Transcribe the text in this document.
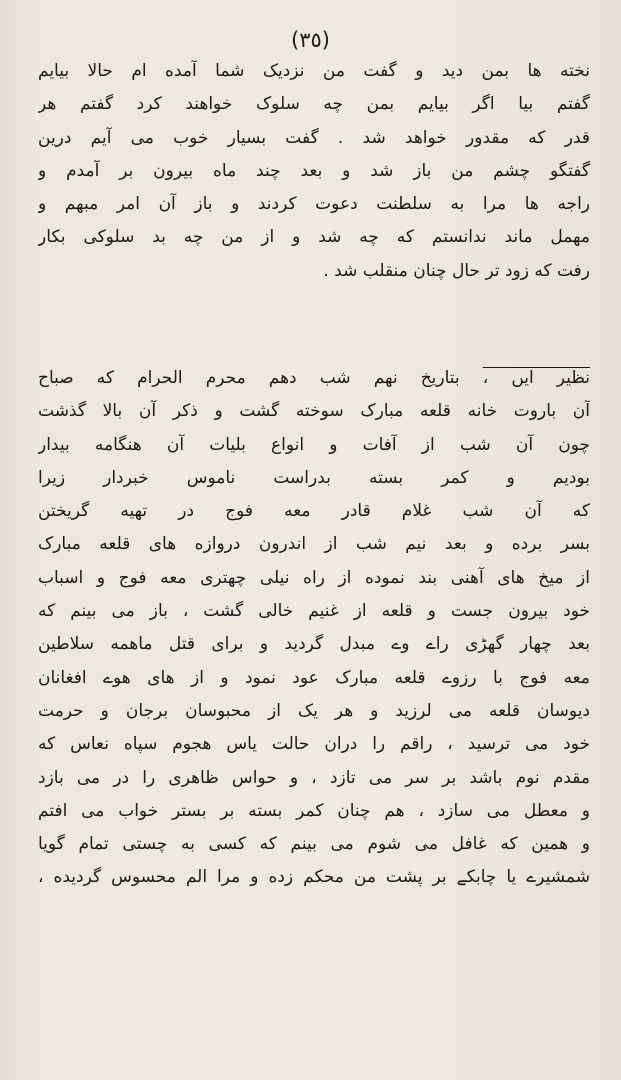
(٣٥)
نخته ها بمن دید و گفت من نزدیک شما آمده ام حالا بیایم
گفتم بیا اگر بیایم بمن چه سلوک خواهند کرد گفتم هر
قدر که مقدور خواهد شد . گفت بسیار خوب می آیم درین
گفتگو چشم من باز شد و بعد چند ماه بیرون بر آمدم و
راجه ها مرا به سلطنت دعوت کردند و باز آن امر مبهم و
مهمل ماند ندانستم که چه شد و از من چه بد سلوکی بکار
رفت که زود تر حال چنان منقلب شد .
نظیر ایں ، بتاریخ نهم شب دهم محرم الحرام که صباح
آن باروت خانه قلعه مبارک سوخته گشت و ذکر آن بالا گذشت
چون آن شب از آفات و انواع بلیات آن هنگامه بیدار
بودیم و کمر بسته بدراست ناموس خبردار زیرا
که آن شب غلام قادر معه فوج در تهیه گریختن
بسر برده و بعد نیم شب از اندرون دروازه های قلعه مبارک
از میخ های آهنی بند نموده از راه نیلی چهتری معه فوج و اسباب
خود بیرون جست و قلعه از غنیم خالی گشت ، باز می بینم که
بعد چهار گهڑی راے وے مبدل گردید و برای قتل ماهمه سلاطین
معه فوج با رزوے قلعه مبارک عود نمود و از های هوے افغانان
دیوسان قلعه می لرزید و هر یک از محبوسان برجان و حرمت
خود می ترسید ، راقم را دران حالت یاس هجوم سپاه نعاس که
مقدم نوم باشد بر سر می تازد ، و حواس ظاهری را در می بازد
و معطل می سازد ، هم چنان کمر بسته بر بستر خواب می افتم
و همین که غافل می شوم می بینم که کسی به چستی تمام گویا
شمشیرے یا چابکے بر پشت من محکم زده و مرا الم محسوس گردیده ،
